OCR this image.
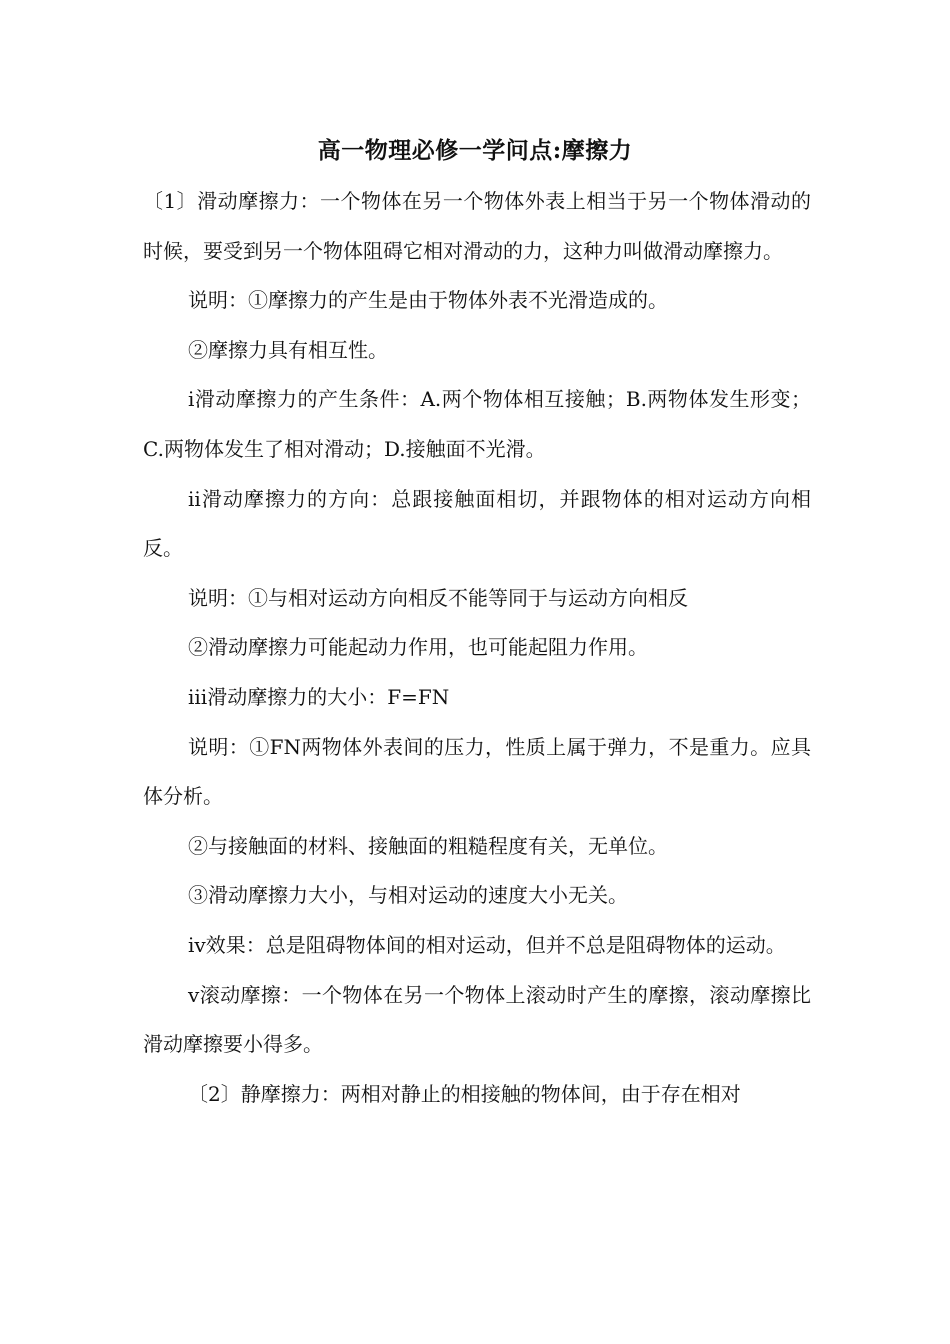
高一物理必修一学问点:摩擦力

〔1〕滑动摩擦力：一个物体在另一个物体外表上相当于另一个物体滑动的时候，要受到另一个物体阻碍它相对滑动的力，这种力叫做滑动摩擦力。

说明：①摩擦力的产生是由于物体外表不光滑造成的。

②摩擦力具有相互性。

ⅰ滑动摩擦力的产生条件：A.两个物体相互接触；B.两物体发生形变；C.两物体发生了相对滑动；D.接触面不光滑。

ⅱ滑动摩擦力的方向：总跟接触面相切，并跟物体的相对运动方向相反。

说明：①与相对运动方向相反不能等同于与运动方向相反

②滑动摩擦力可能起动力作用，也可能起阻力作用。

ⅲ滑动摩擦力的大小：F=FN

说明：①FN两物体外表间的压力，性质上属于弹力，不是重力。应具体分析。

②与接触面的材料、接触面的粗糙程度有关，无单位。

③滑动摩擦力大小，与相对运动的速度大小无关。

ⅳ效果：总是阻碍物体间的相对运动，但并不总是阻碍物体的运动。

ⅴ滚动摩擦：一个物体在另一个物体上滚动时产生的摩擦，滚动摩擦比滑动摩擦要小得多。

〔2〕静摩擦力：两相对静止的相接触的物体间，由于存在相对
